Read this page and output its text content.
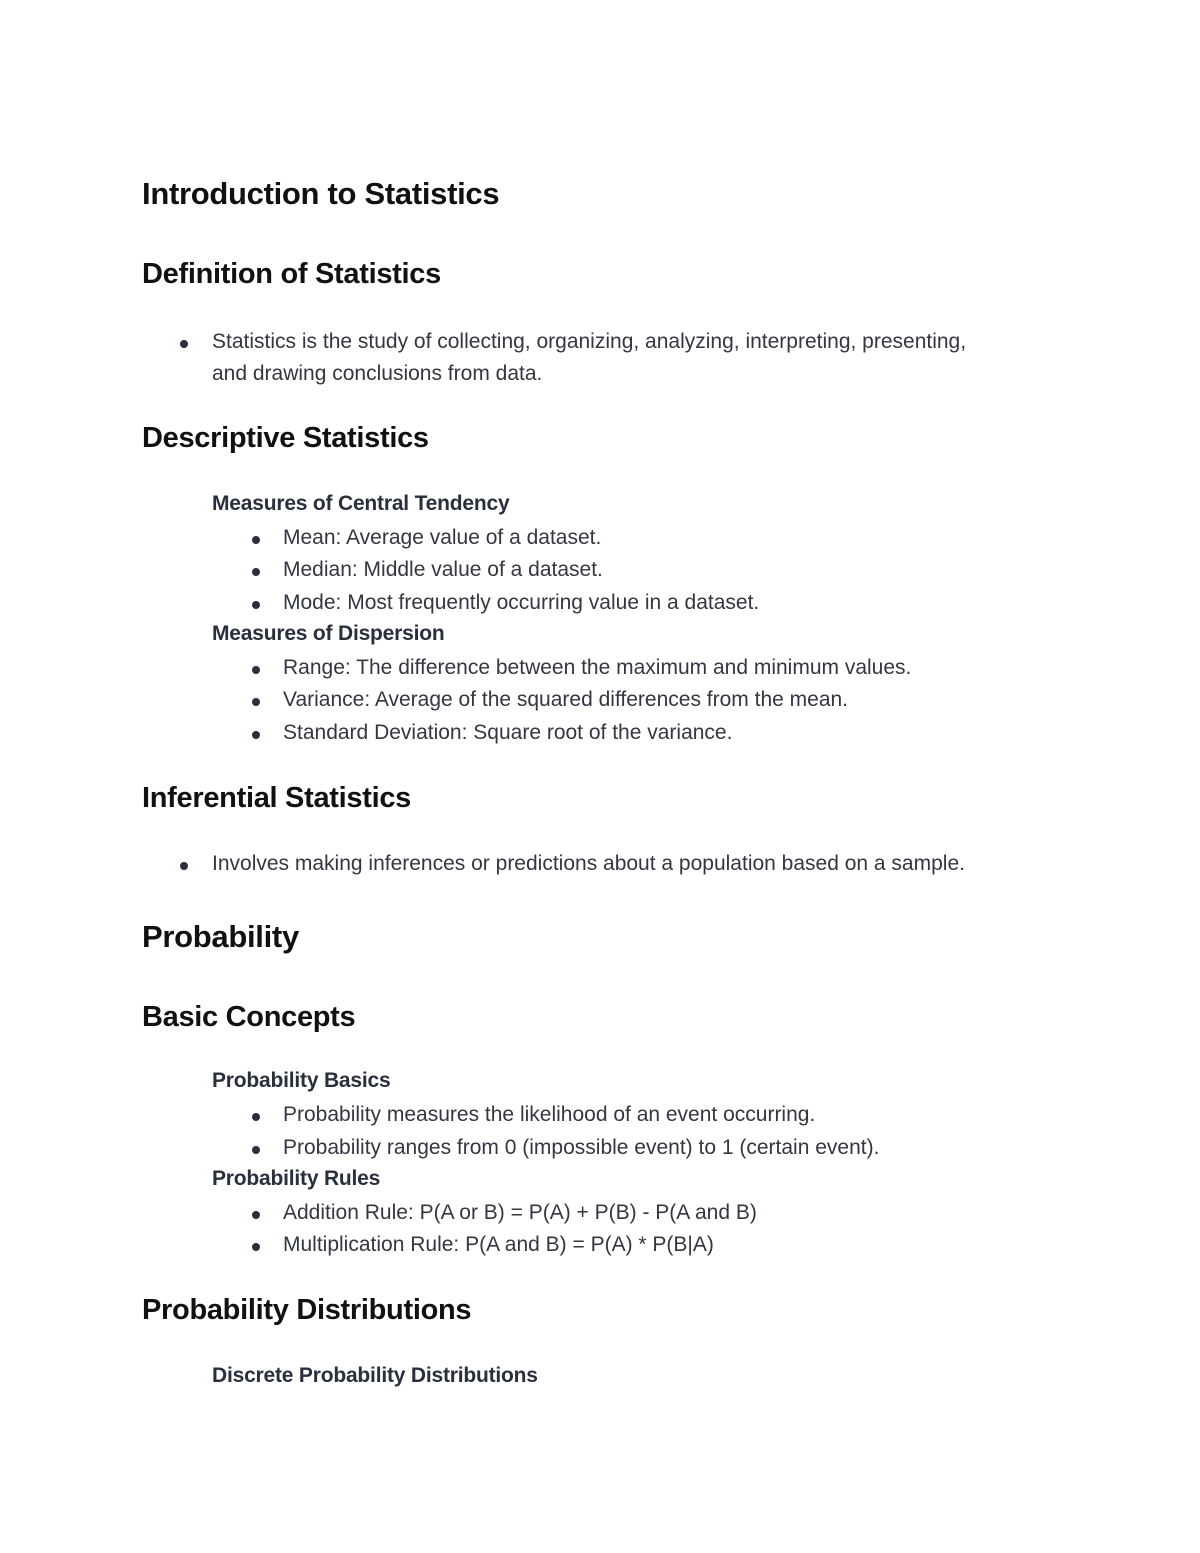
Introduction to Statistics
Definition of Statistics

Statistics is the study of collecting, organizing, analyzing, interpreting, presenting,

and drawing conclusions from data.

Descriptive Statistics
Measures of Central Tendency

Mean: Average value of a dataset.

Median: Middle value of a dataset.

Mode: Most frequently occurring value in a dataset.

Measures of Dispersion

Range: The difference between the maximum and minimum values.

Variance: Average of the squared differences from the mean.

Standard Deviation: Square root of the variance.

Inferential Statistics

Involves making inferences or predictions about a population based on a sample.

Probability
Basic Concepts
Probability Basics

Probability measures the likelihood of an event occurring.

Probability ranges from 0 (impossible event) to 1 (certain event).

Probability Rules

Addition Rule: P(A or B) = P(A) + P(B) - P(A and B)

Multiplication Rule: P(A and B) = P(A) * P(B|A)

Probability Distributions
Discrete Probability Distributions
